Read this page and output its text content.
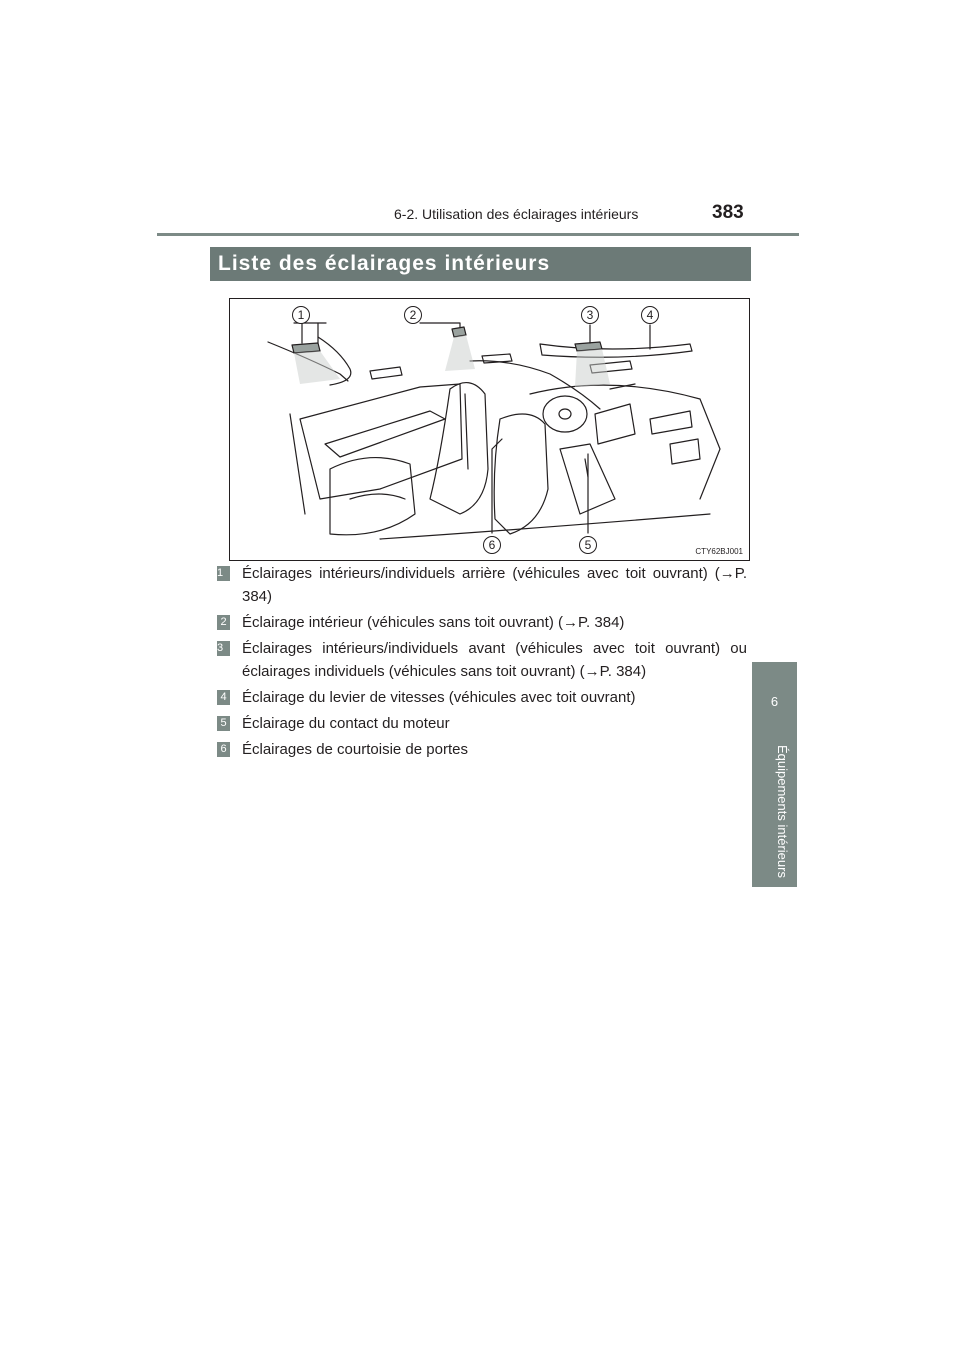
6-2. Utilisation des éclairages intérieurs	383
6
Équipements intérieurs
Liste des éclairages intérieurs
1	2	3	4
6	5	CTY62BJ001
1	Éclairages intérieurs/individuels arrière (véhicules avec toit ouvrant) (→P. 384)
2 Éclairage intérieur (véhicules sans toit ouvrant) (→P. 384)
3	Éclairages intérieurs/individuels avant (véhicules avec toit ouvrant) ou éclairages individuels (véhicules sans toit ouvrant) (→P. 384)
4 Éclairage du levier de vitesses (véhicules avec toit ouvrant)
5 Éclairage du contact du moteur
6 Éclairages de courtoisie de portes
